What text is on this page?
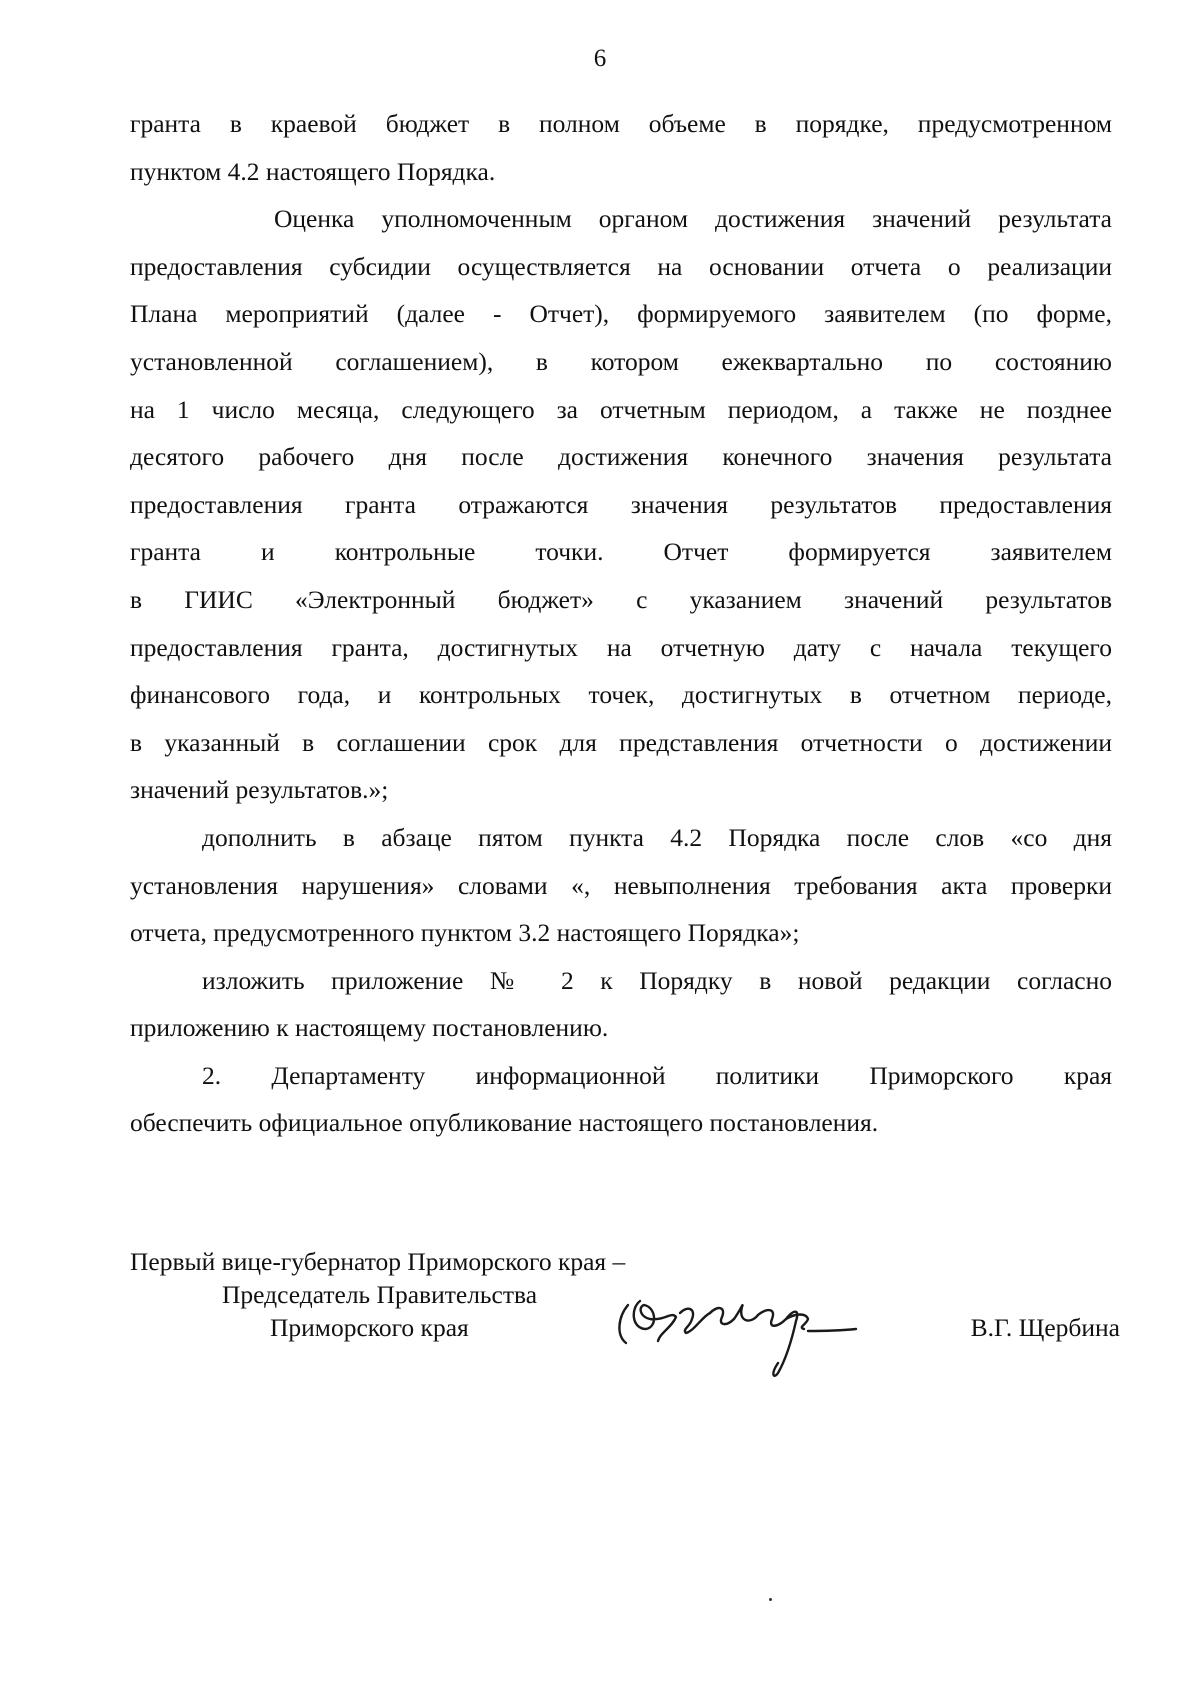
6

гранта в краевой бюджет в полном объеме в порядке, предусмотренном
пунктом 4.2 настоящего Порядка.

Оценка уполномоченным органом достижения значений результата
предоставления субсидии осуществляется на основании отчета о реализации
Плана мероприятий (далее - Отчет), формируемого заявителем (по форме,
установленной соглашением), в котором ежеквартально по состоянию
на 1 число месяца, следующего за отчетным периодом, а также не позднее
десятого рабочего дня после достижения конечного значения результата
предоставления гранта отражаются значения результатов предоставления
гранта и контрольные точки. Отчет формируется заявителем
в ГИИС «Электронный бюджет» с указанием значений результатов
предоставления гранта, достигнутых на отчетную дату с начала текущего
финансового года, и контрольных точек, достигнутых в отчетном периоде,
в указанный в соглашении срок для представления отчетности о достижении
значений результатов.»;

дополнить в абзаце пятом пункта 4.2 Порядка после слов «со дня
установления нарушения» словами «, невыполнения требования акта проверки
отчета, предусмотренного пунктом 3.2 настоящего Порядка»;

изложить приложение № 2 к Порядку в новой редакции согласно
приложению к настоящему постановлению.

2. Департаменту информационной политики Приморского края
обеспечить официальное опубликование настоящего постановления.

Первый вице-губернатор Приморского края –
Председатель Правительства
Приморского края	В.Г. Щербина
